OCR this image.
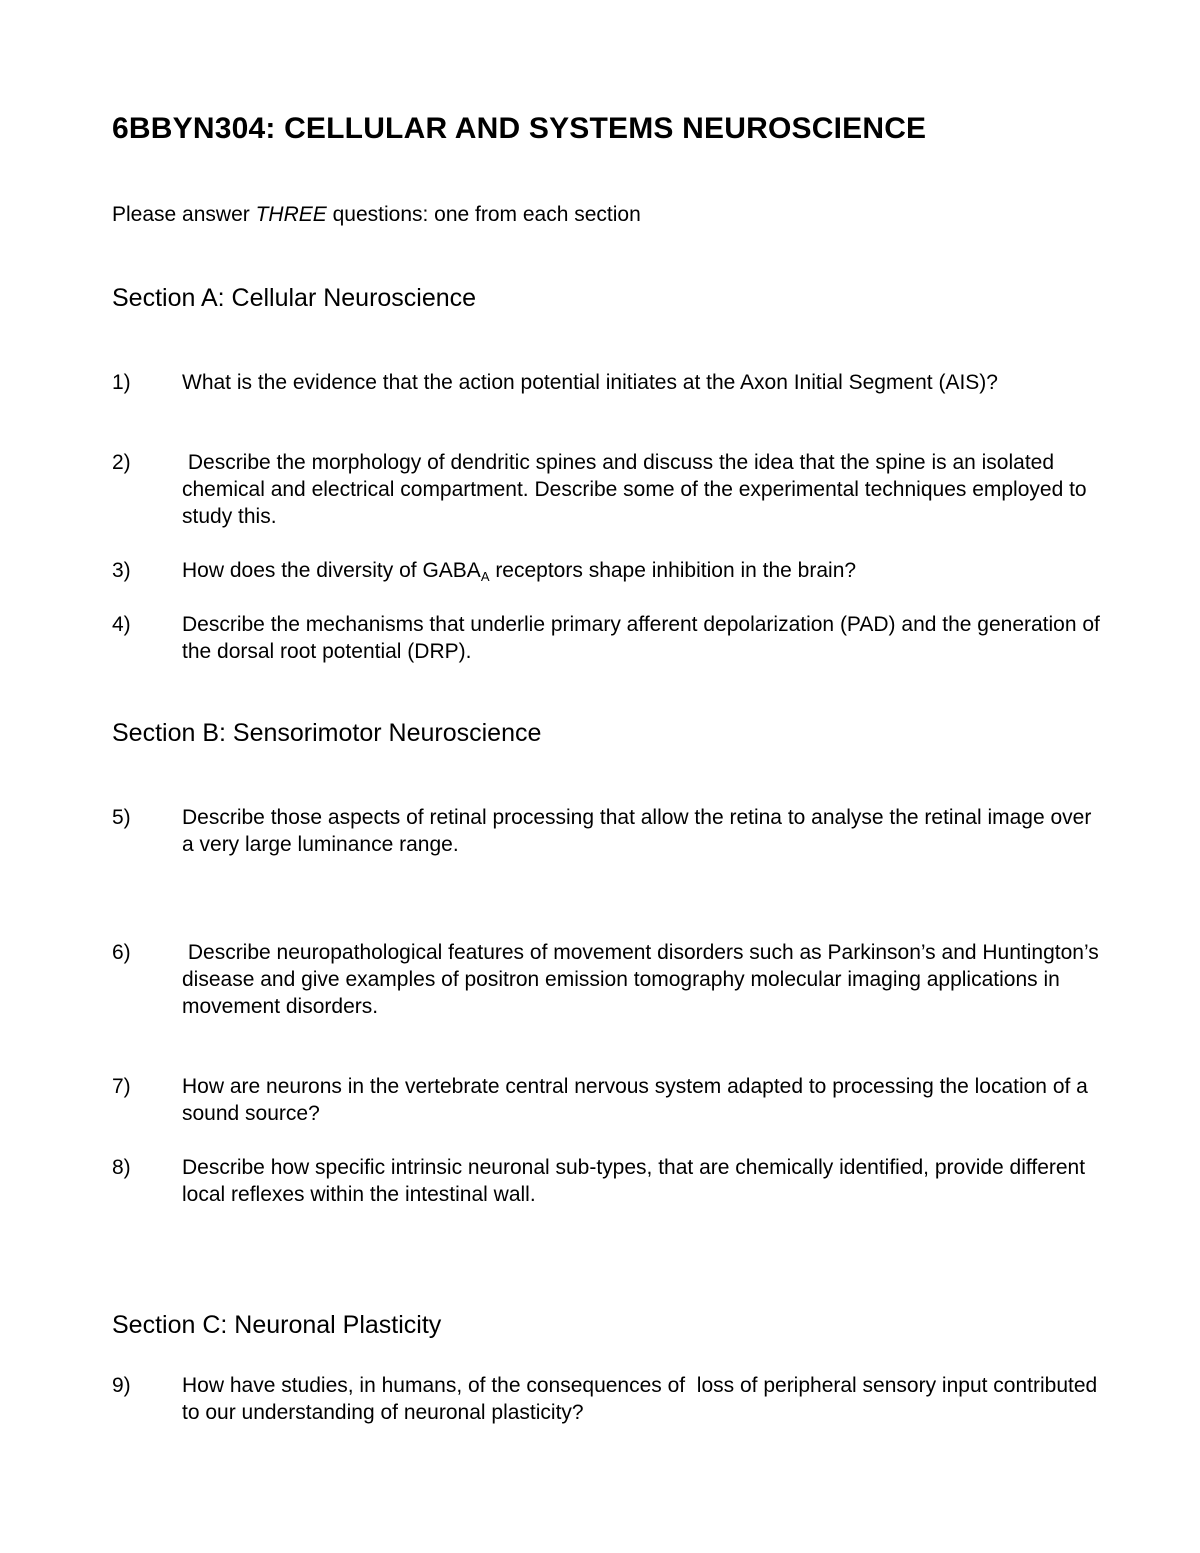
6BBYN304: CELLULAR AND SYSTEMS NEUROSCIENCE
Please answer THREE questions: one from each section
Section A: Cellular Neuroscience
1) What is the evidence that the action potential initiates at the Axon Initial Segment (AIS)?
2) Describe the morphology of dendritic spines and discuss the idea that the spine is an isolated chemical and electrical compartment. Describe some of the experimental techniques employed to study this.
3) How does the diversity of $GABA_A$ receptors shape inhibition in the brain?
4) Describe the mechanisms that underlie primary afferent depolarization (PAD) and the generation of the dorsal root potential (DRP).
Section B: Sensorimotor Neuroscience
5) Describe those aspects of retinal processing that allow the retina to analyse the retinal image over a very large luminance range.
6) Describe neuropathological features of movement disorders such as Parkinson’s and Huntington’s disease and give examples of positron emission tomography molecular imaging applications in movement disorders.
7) How are neurons in the vertebrate central nervous system adapted to processing the location of a sound source?
8) Describe how specific intrinsic neuronal sub-types, that are chemically identified, provide different local reflexes within the intestinal wall.
Section C: Neuronal Plasticity
9) How have studies, in humans, of the consequences of  loss of peripheral sensory input contributed to our understanding of neuronal plasticity?
